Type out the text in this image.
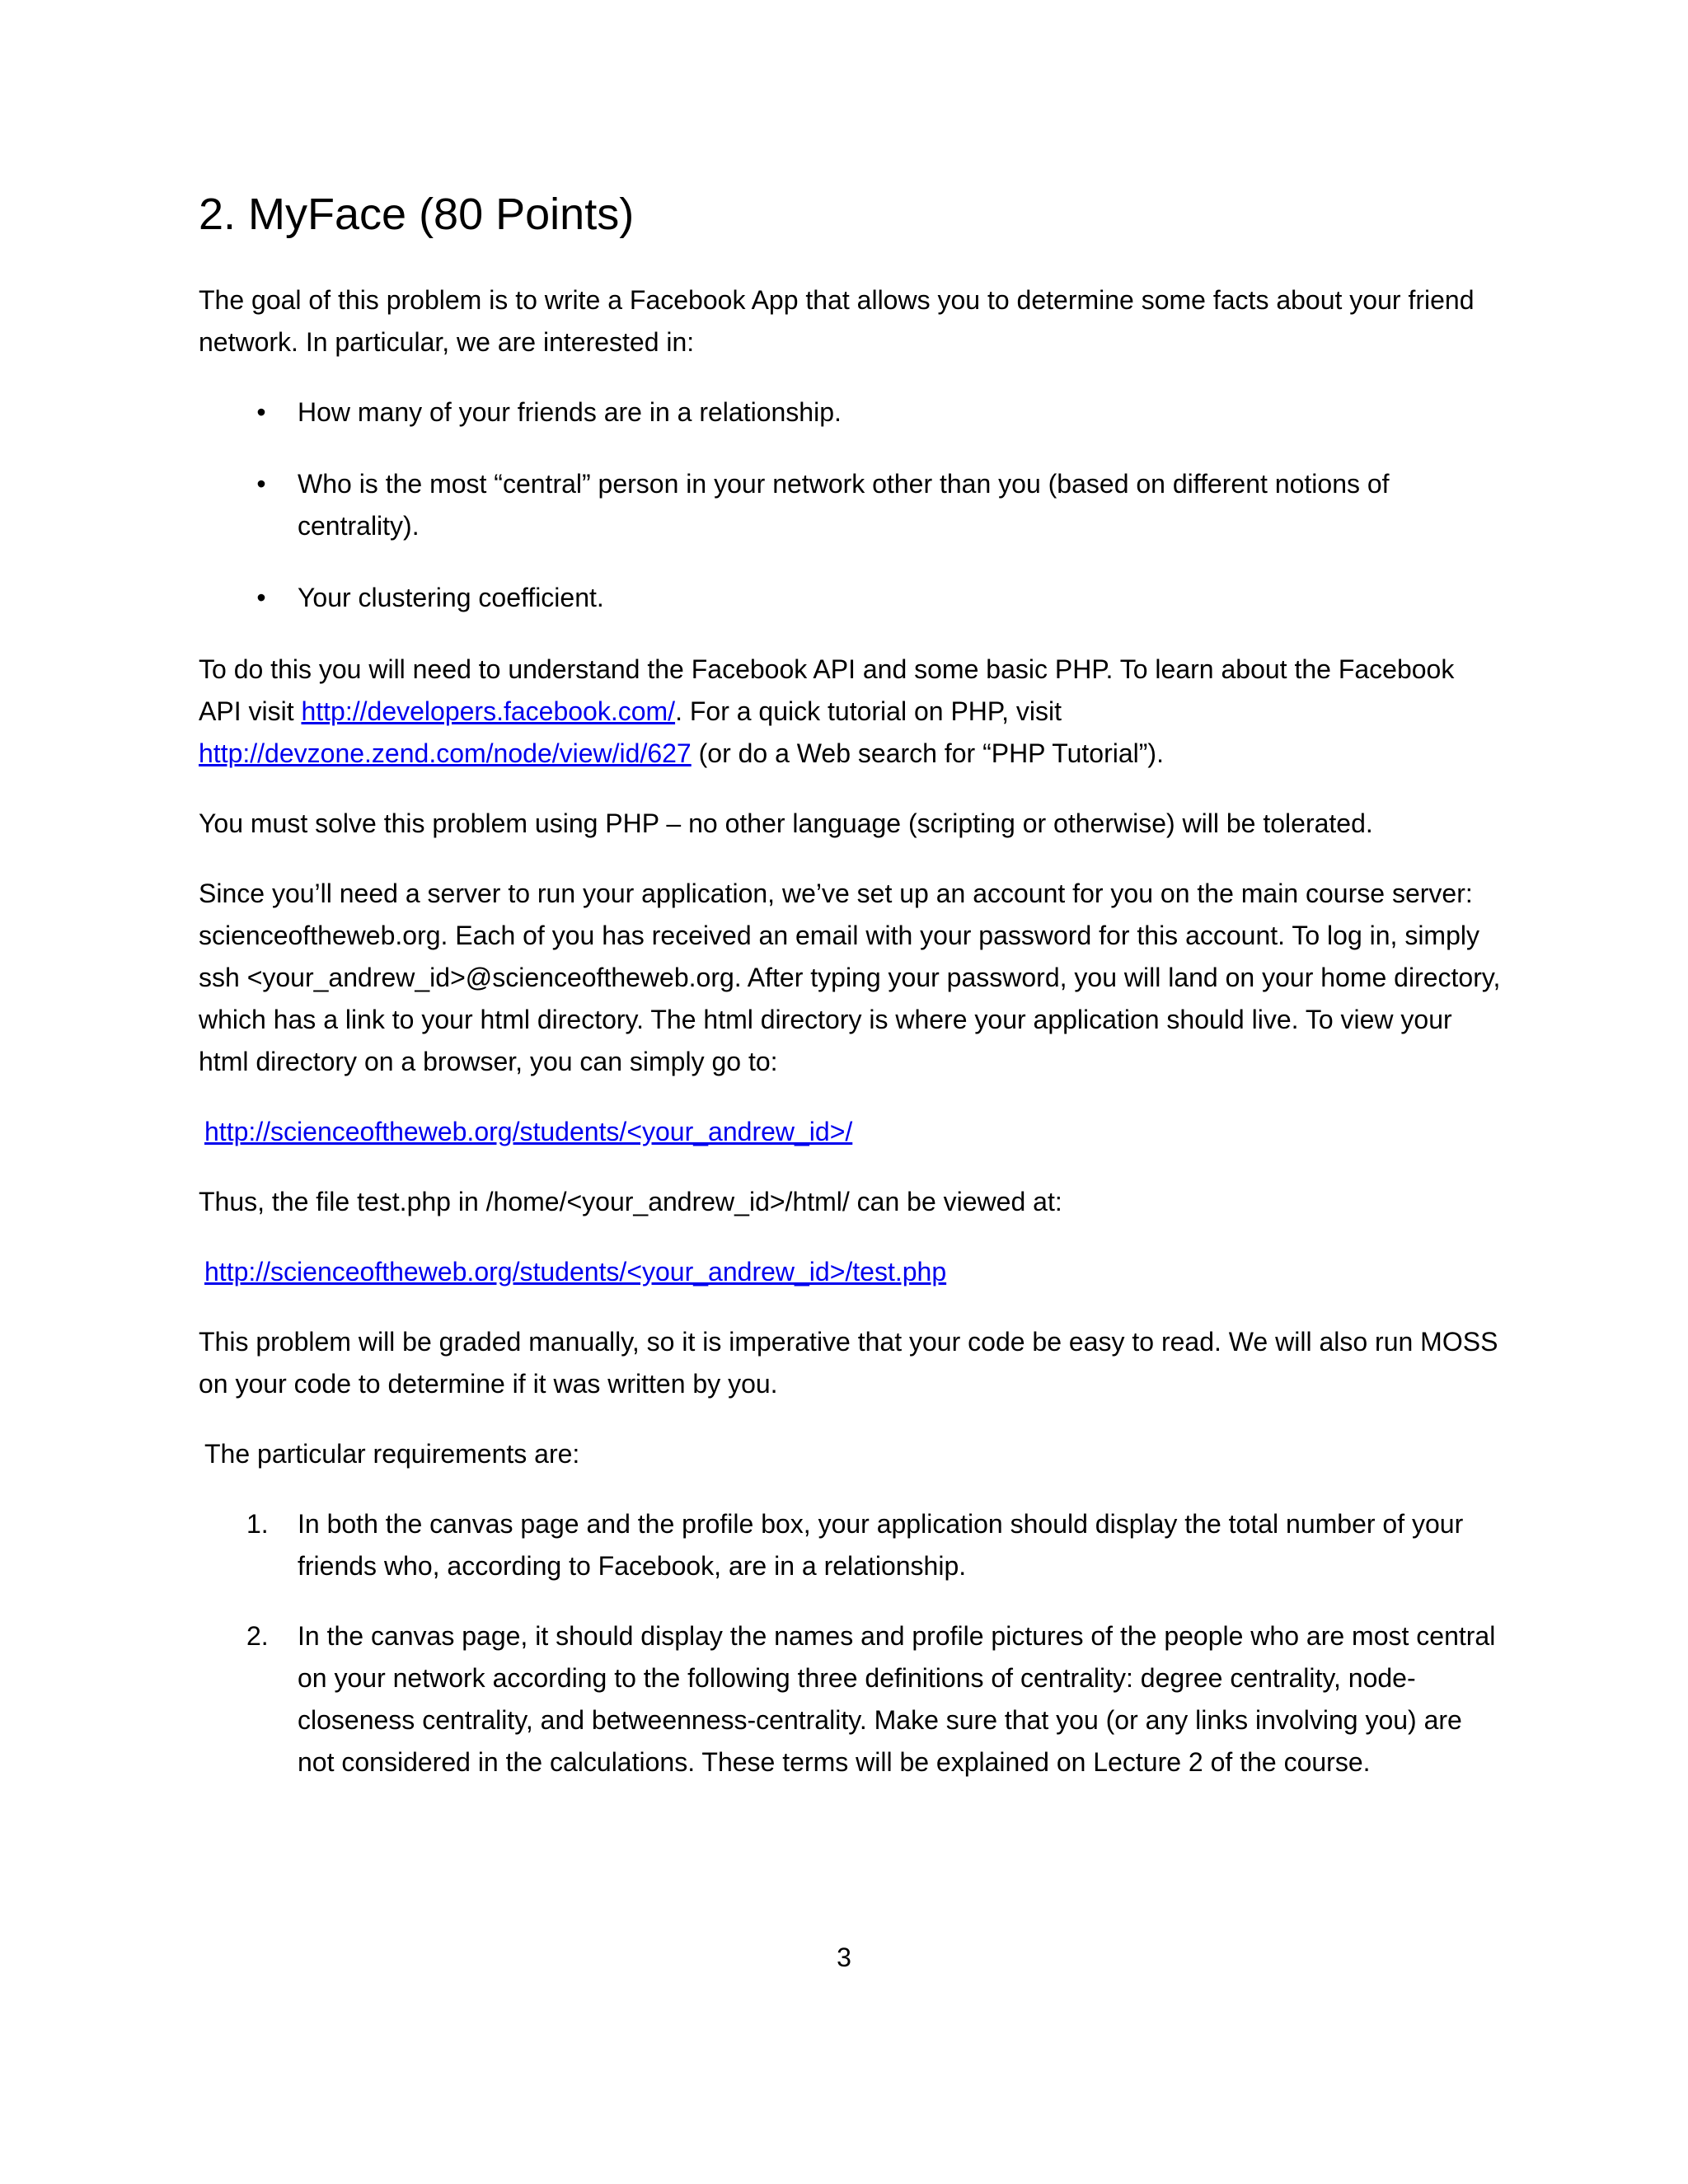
2. MyFace (80 Points)

The goal of this problem is to write a Facebook App that allows you to determine some facts about your friend network. In particular, we are interested in:

• How many of your friends are in a relationship.
• Who is the most “central” person in your network other than you (based on different notions of centrality).
• Your clustering coefficient.

To do this you will need to understand the Facebook API and some basic PHP. To learn about the Facebook API visit http://developers.facebook.com/. For a quick tutorial on PHP, visit
http://devzone.zend.com/node/view/id/627 (or do a Web search for “PHP Tutorial”).

You must solve this problem using PHP – no other language (scripting or otherwise) will be tolerated.

Since you’ll need a server to run your application, we’ve set up an account for you on the main course server: scienceoftheweb.org. Each of you has received an email with your password for this account. To log in, simply ssh <your_andrew_id>@scienceoftheweb.org. After typing your password, you will land on your home directory, which has a link to your html directory. The html directory is where your application should live. To view your html directory on a browser, you can simply go to:

http://scienceoftheweb.org/students/<your_andrew_id>/

Thus, the file test.php in /home/<your_andrew_id>/html/ can be viewed at:

http://scienceoftheweb.org/students/<your_andrew_id>/test.php

This problem will be graded manually, so it is imperative that your code be easy to read. We will also run MOSS on your code to determine if it was written by you.

The particular requirements are:

1. In both the canvas page and the profile box, your application should display the total number of your friends who, according to Facebook, are in a relationship.
2. In the canvas page, it should display the names and profile pictures of the people who are most central on your network according to the following three definitions of centrality: degree centrality, node-closeness centrality, and betweenness-centrality. Make sure that you (or any links involving you) are not considered in the calculations. These terms will be explained on Lecture 2 of the course.
3
